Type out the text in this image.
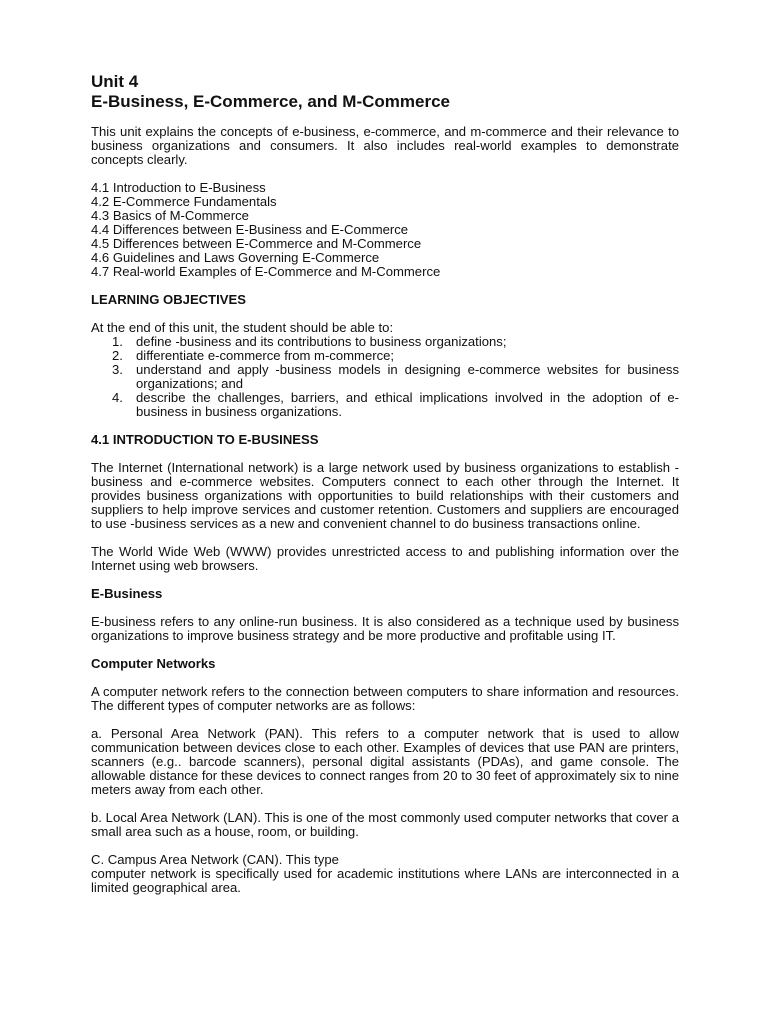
Unit 4
E-Business, E-Commerce, and M-Commerce

This unit explains the concepts of e-business, e-commerce, and m-commerce and their relevance to business organizations and consumers. It also includes real-world examples to demonstrate concepts clearly.

4.1 Introduction to E-Business
4.2 E-Commerce Fundamentals
4.3 Basics of M-Commerce
4.4 Differences between E-Business and E-Commerce
4.5 Differences between E-Commerce and M-Commerce
4.6 Guidelines and Laws Governing E-Commerce
4.7 Real-world Examples of E-Commerce and M-Commerce
LEARNING OBJECTIVES

At the end of this unit, the student should be able to:

1. define -business and its contributions to business organizations;
2. differentiate e-commerce from m-commerce;
3. understand and apply -business models in designing e-commerce websites for business organizations; and
4. describe the challenges, barriers, and ethical implications involved in the adoption of e-business in business organizations.
4.1 INTRODUCTION TO E-BUSINESS

The Internet (International network) is a large network used by business organizations to establish -business and e-commerce websites. Computers connect to each other through the Internet. It provides business organizations with opportunities to build relationships with their customers and suppliers to help improve services and customer retention. Customers and suppliers are encouraged to use -business services as a new and convenient channel to do business transactions online.

The World Wide Web (WWW) provides unrestricted access to and publishing information over the Internet using web browsers.

E-Business

E-business refers to any online-run business. It is also considered as a technique used by business organizations to improve business strategy and be more productive and profitable using IT.

Computer Networks

A computer network refers to the connection between computers to share information and resources. The different types of computer networks are as follows:

a. Personal Area Network (PAN). This refers to a computer network that is used to allow communication between devices close to each other. Examples of devices that use PAN are printers, scanners (e.g.. barcode scanners), personal digital assistants (PDAs), and game console. The allowable distance for these devices to connect ranges from 20 to 30 feet of approximately six to nine meters away from each other.

b. Local Area Network (LAN). This is one of the most commonly used computer networks that cover a small area such as a house, room, or building.

C. Campus Area Network (CAN). This type

computer network is specifically used for academic institutions where LANs are interconnected in a limited geographical area.
